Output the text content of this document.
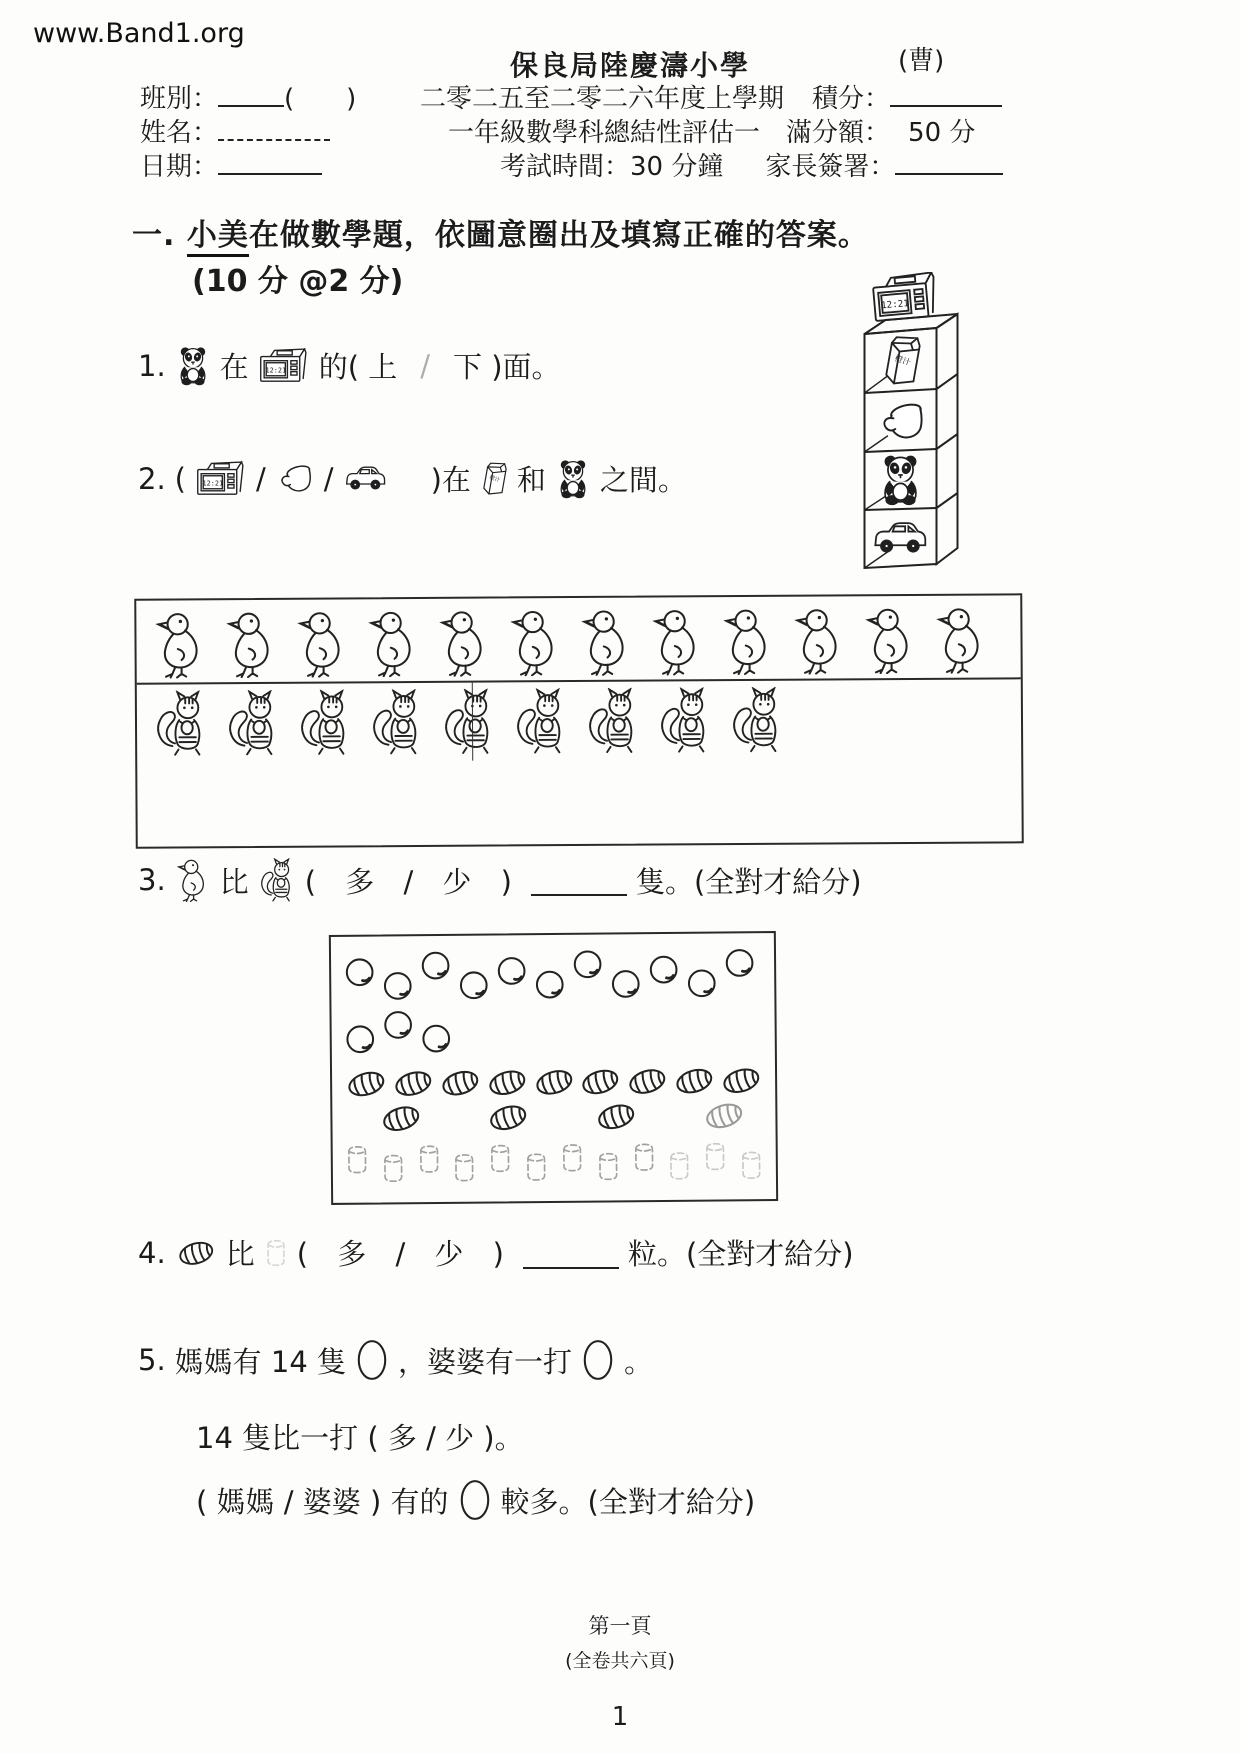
www.Band1.org
保良局陸慶濤小學	(曹)
班別：	(　　) 二零二五至二零二六年度上學期 積分：
姓名：	一年級數學科總結性評估一 滿分額： 50 分
日期：	考試時間：30 分鐘 家長簽署：
一. 小美在做數學題，依圖意圈出及填寫正確的答案。
(10 分 @2 分)
1. 在 的( 上 / 下 )面。
2. ( / /	)在 和 之間。
3. 比 ( 多 / 少 )	隻。(全對才給分)
4. 比 ( 多 / 少 )	粒。(全對才給分)
5. 媽媽有 14 隻 ，婆婆有一打 。
14 隻比一打 ( 多 / 少 )。
( 媽媽 / 婆婆 ) 有的 較多。(全對才給分)
第一頁
(全卷共六頁)
1
